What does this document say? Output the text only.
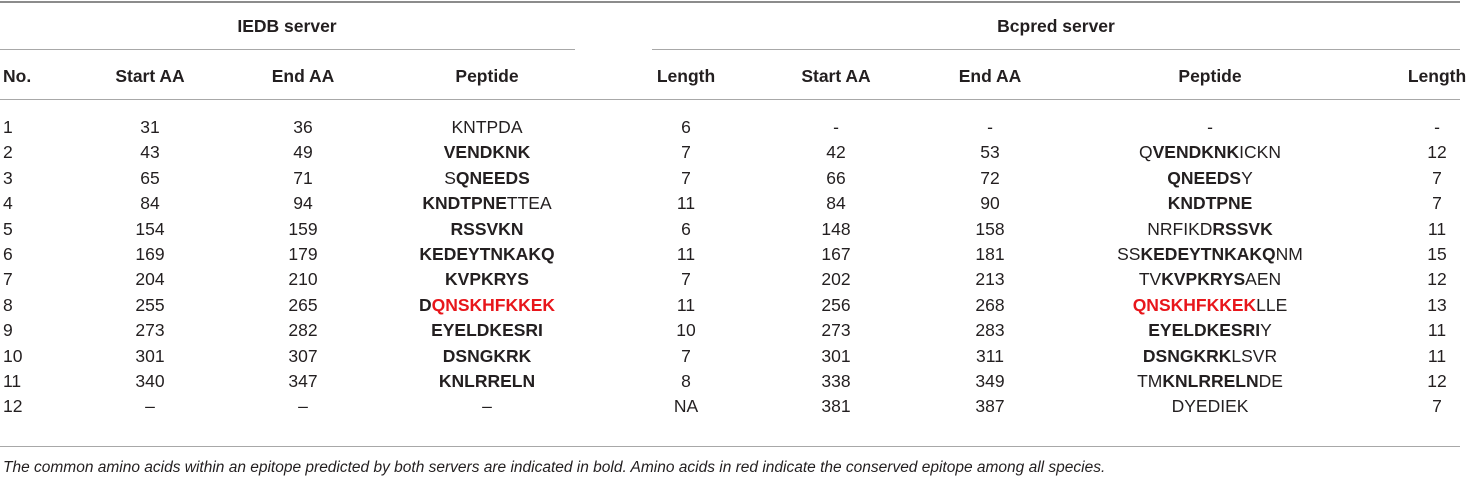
IEDB server	Bcpred server
No.	Start AA	End AA	Peptide	Length	Start AA	End AA	Peptide	Length
1	31	36	KNTPDA	6	-	-	-	-
2	43	49	VENDKNK	7	42	53	QVENDKNKICKN	12
3	65	71	SQNEEDS	7	66	72	QNEEDSY	7
4	84	94	KNDTPNETTEA	11	84	90	KNDTPNE	7
5	154	159	RSSVKN	6	148	158	NRFIKDRSSVK	11
6	169	179	KEDEYTNKAKQ	11	167	181	SSKEDEYTNKAKQNM	15
7	204	210	KVPKRYS	7	202	213	TVKVPKRYSAEN	12
8	255	265	DQNSKHFKKEK	11	256	268	QNSKHFKKEKLLE	13
9	273	282	EYELDKESRI	10	273	283	EYELDKESRIY	11
10	301	307	DSNGKRK	7	301	311	DSNGKRKLSVR	11
11	340	347	KNLRRELN	8	338	349	TMKNLRRELNDE	12
12	–	–	–	NA	381	387	DYEDIEK	7
The common amino acids within an epitope predicted by both servers are indicated in bold. Amino acids in red indicate the conserved epitope among all species.
